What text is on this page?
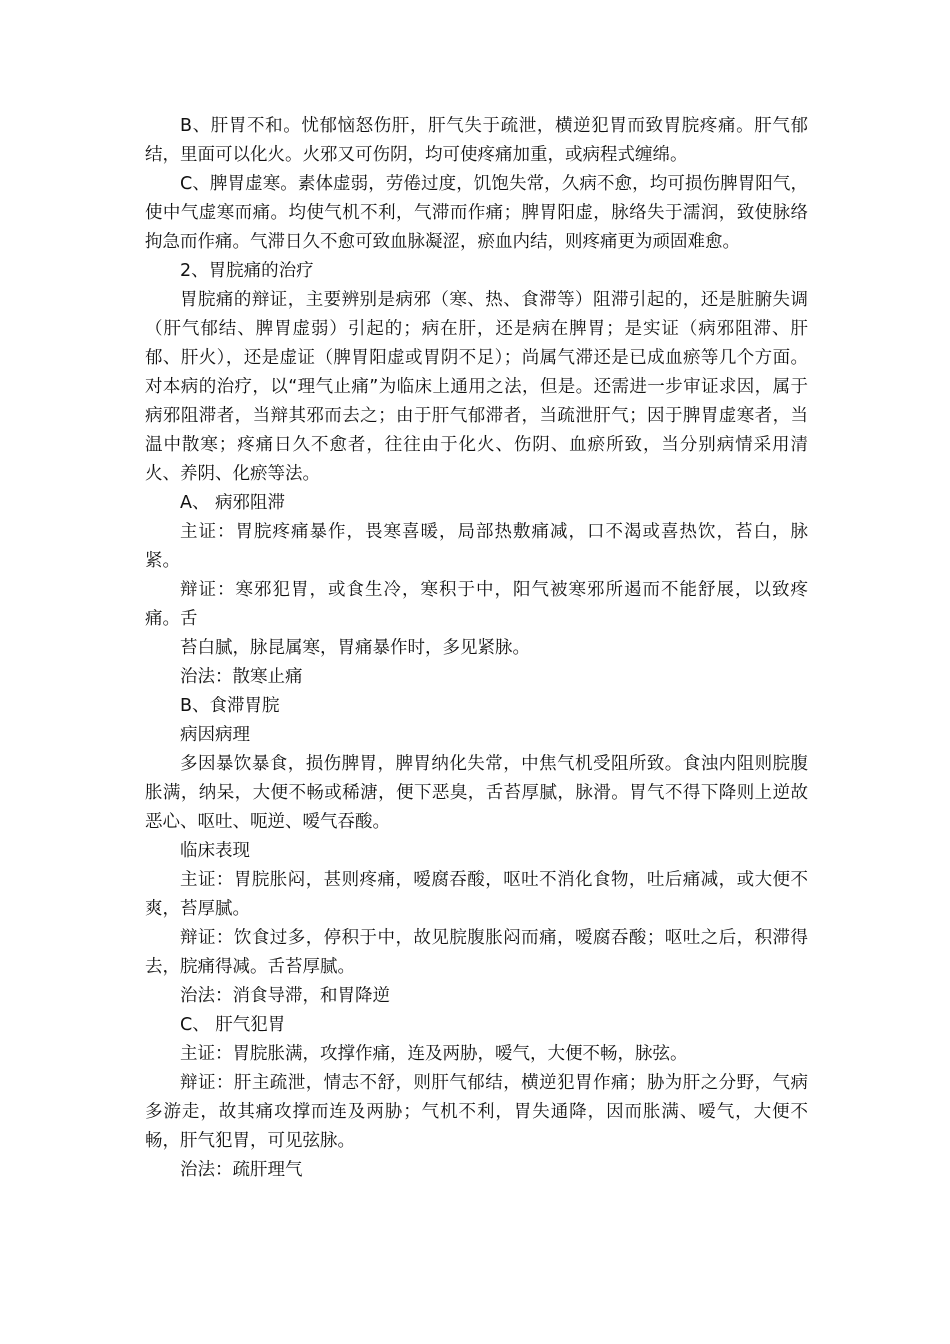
B、肝胃不和。忧郁恼怒伤肝，肝气失于疏泄，横逆犯胃而致胃脘疼痛。肝气郁结，里面可以化火。火邪又可伤阴，均可使疼痛加重，或病程式缠绵。

C、脾胃虚寒。素体虚弱，劳倦过度，饥饱失常，久病不愈，均可损伤脾胃阳气，使中气虚寒而痛。均使气机不利，气滞而作痛；脾胃阳虚，脉络失于濡润，致使脉络拘急而作痛。气滞日久不愈可致血脉凝涩，瘀血内结，则疼痛更为顽固难愈。

2、胃脘痛的治疗

胃脘痛的辩证，主要辨别是病邪（寒、热、食滞等）阻滞引起的，还是脏腑失调（肝气郁结、脾胃虚弱）引起的；病在肝，还是病在脾胃；是实证（病邪阻滞、肝郁、肝火），还是虚证（脾胃阳虚或胃阴不足）；尚属气滞还是已成血瘀等几个方面。对本病的治疗，以“理气止痛”为临床上通用之法，但是。还需进一步审证求因，属于病邪阻滞者，当辩其邪而去之；由于肝气郁滞者，当疏泄肝气；因于脾胃虚寒者，当温中散寒；疼痛日久不愈者，往往由于化火、伤阴、血瘀所致，当分别病情采用清火、养阴、化瘀等法。

A、 病邪阻滞

主证：胃脘疼痛暴作，畏寒喜暖，局部热敷痛减，口不渴或喜热饮，苔白，脉紧。

辩证：寒邪犯胃，或食生冷，寒积于中，阳气被寒邪所遏而不能舒展，以致疼痛。舌

苔白腻，脉昆属寒，胃痛暴作时，多见紧脉。

治法：散寒止痛

B、食滞胃脘

病因病理

多因暴饮暴食，损伤脾胃，脾胃纳化失常，中焦气机受阻所致。食浊内阻则脘腹胀满，纳呆，大便不畅或稀溏，便下恶臭，舌苔厚腻，脉滑。胃气不得下降则上逆故恶心、呕吐、呃逆、嗳气吞酸。

临床表现

主证：胃脘胀闷，甚则疼痛，嗳腐吞酸，呕吐不消化食物，吐后痛减，或大便不爽，苔厚腻。

辩证：饮食过多，停积于中，故见脘腹胀闷而痛，嗳腐吞酸；呕吐之后，积滞得去，脘痛得减。舌苔厚腻。

治法：消食导滞，和胃降逆

C、 肝气犯胃

主证：胃脘胀满，攻撑作痛，连及两胁，嗳气，大便不畅，脉弦。

辩证：肝主疏泄，情志不舒，则肝气郁结，横逆犯胃作痛；胁为肝之分野，气病多游走，故其痛攻撑而连及两胁；气机不利，胃失通降，因而胀满、嗳气，大便不畅，肝气犯胃，可见弦脉。

治法：疏肝理气
